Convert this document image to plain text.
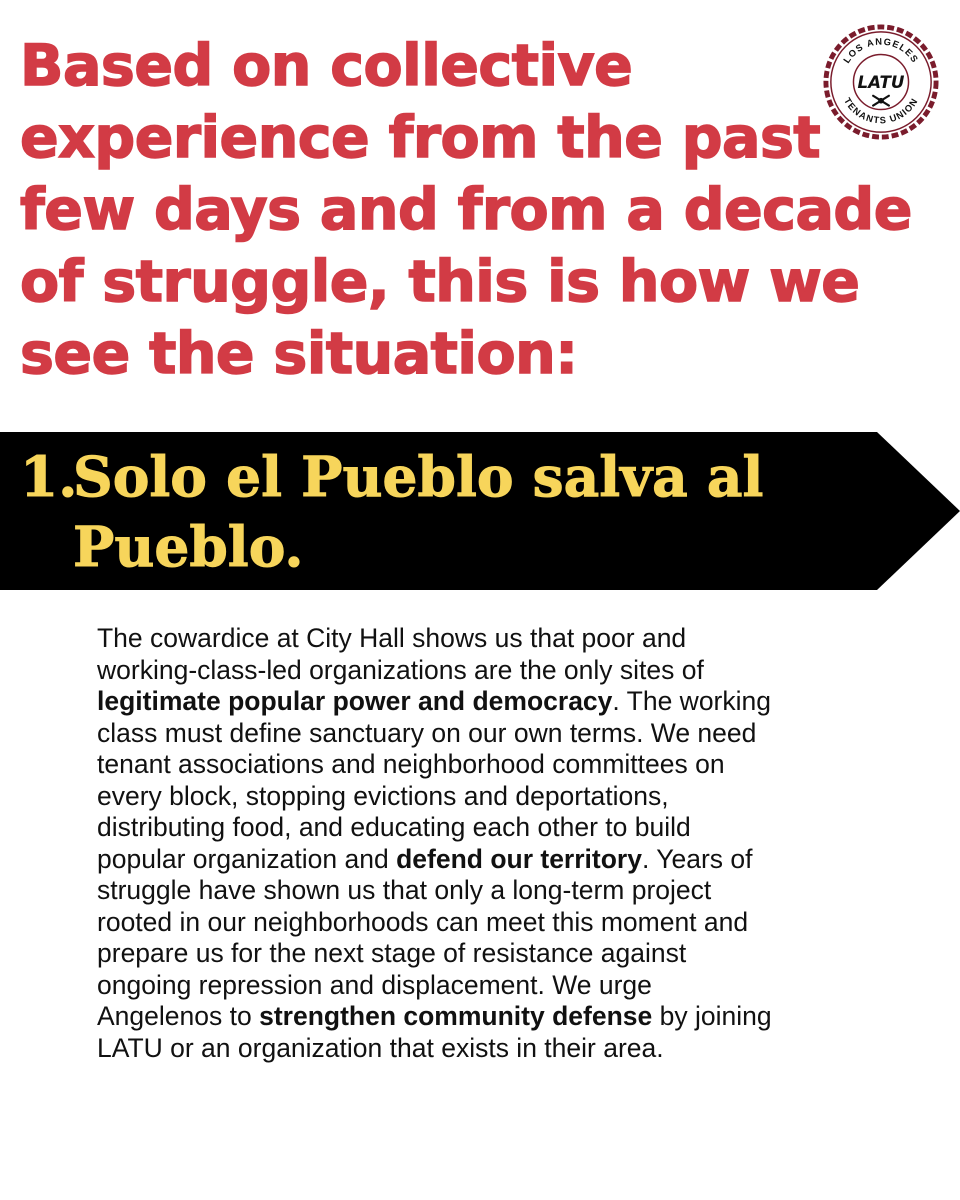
Based on collective
experience from the past
few days and from a decade
of struggle, this is how we
see the situation:
LOS ANGELES
TENANTS UNION
LATU
1.
Solo el Pueblo salva al
Pueblo.

The cowardice at City Hall shows us that poor and
working-class-led organizations are the only sites of
legitimate popular power and democracy. The working
class must define sanctuary on our own terms. We need
tenant associations and neighborhood committees on
every block, stopping evictions and deportations,
distributing food, and educating each other to build
popular organization and defend our territory. Years of
struggle have shown us that only a long-term project
rooted in our neighborhoods can meet this moment and
prepare us for the next stage of resistance against
ongoing repression and displacement. We urge
Angelenos to strengthen community defense by joining
LATU or an organization that exists in their area.
